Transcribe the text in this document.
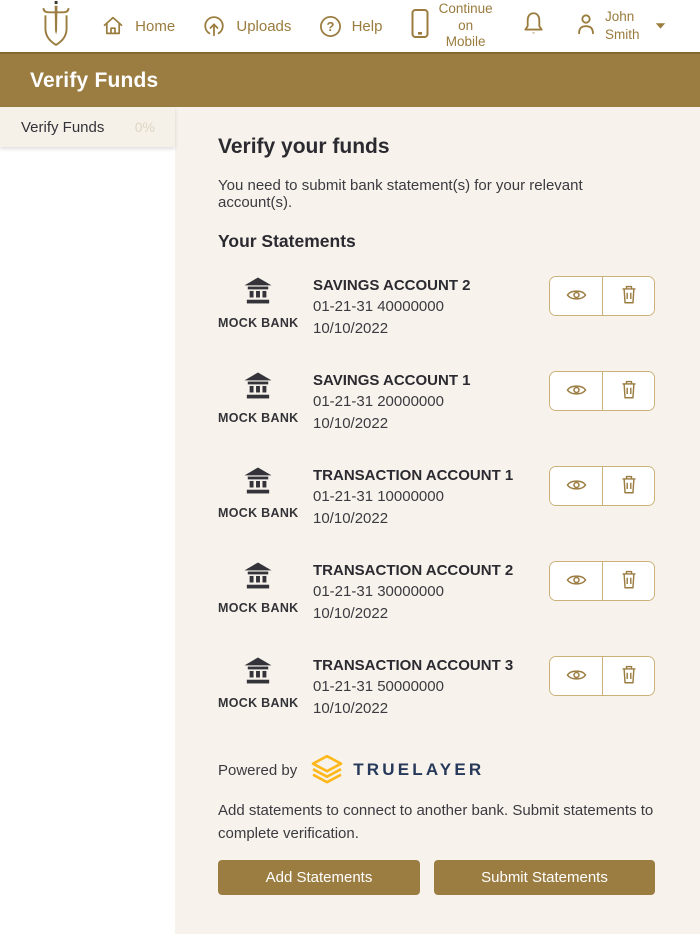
Home	Uploads	? Help
Continue on Mobile
John Smith
Verify Funds
Verify Funds 0%
Verify your funds

You need to submit bank statement(s) for your relevant account(s).

Your Statements
MOCK BANK
SAVINGS ACCOUNT 2
01-21-31 40000000
10/10/2022
MOCK BANK
SAVINGS ACCOUNT 1
01-21-31 20000000
10/10/2022
MOCK BANK
TRANSACTION ACCOUNT 1
01-21-31 10000000
10/10/2022
MOCK BANK
TRANSACTION ACCOUNT 2
01-21-31 30000000
10/10/2022
MOCK BANK
TRANSACTION ACCOUNT 3
01-21-31 50000000
10/10/2022
Powered by	TRUELAYER

Add statements to connect to another bank. Submit statements to complete verification.

Add Statements	Submit Statements
